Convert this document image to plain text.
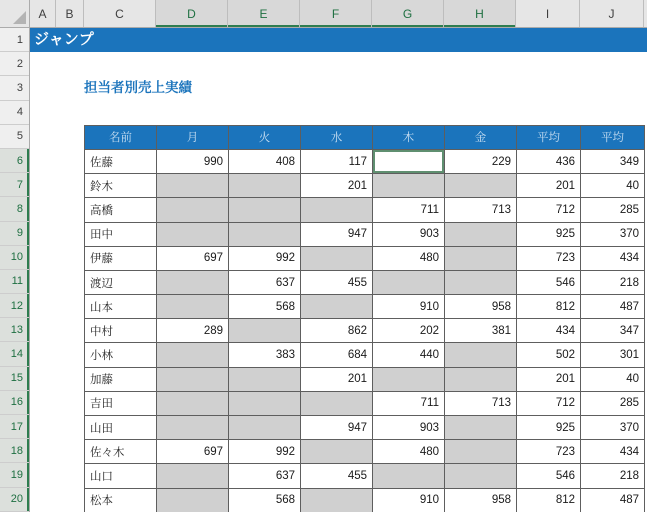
A	B	C	D	E	F	G	H	I	J
1
2
3
4
5
6
7
8
9
10
11
12
13
14
15
16
17
18
19
20
ジャンプ
担当者別売上実績
名前	月	火	水	木	金	平均	平均
佐藤	990	408	117		229	436	349
鈴木			201			201	40
高橋				711	713	712	285
田中			947	903		925	370
伊藤	697	992		480		723	434
渡辺		637	455			546	218
山本		568		910	958	812	487
中村	289		862	202	381	434	347
小林		383	684	440		502	301
加藤			201			201	40
吉田				711	713	712	285
山田			947	903		925	370
佐々木	697	992		480		723	434
山口		637	455			546	218
松本		568		910	958	812	487
